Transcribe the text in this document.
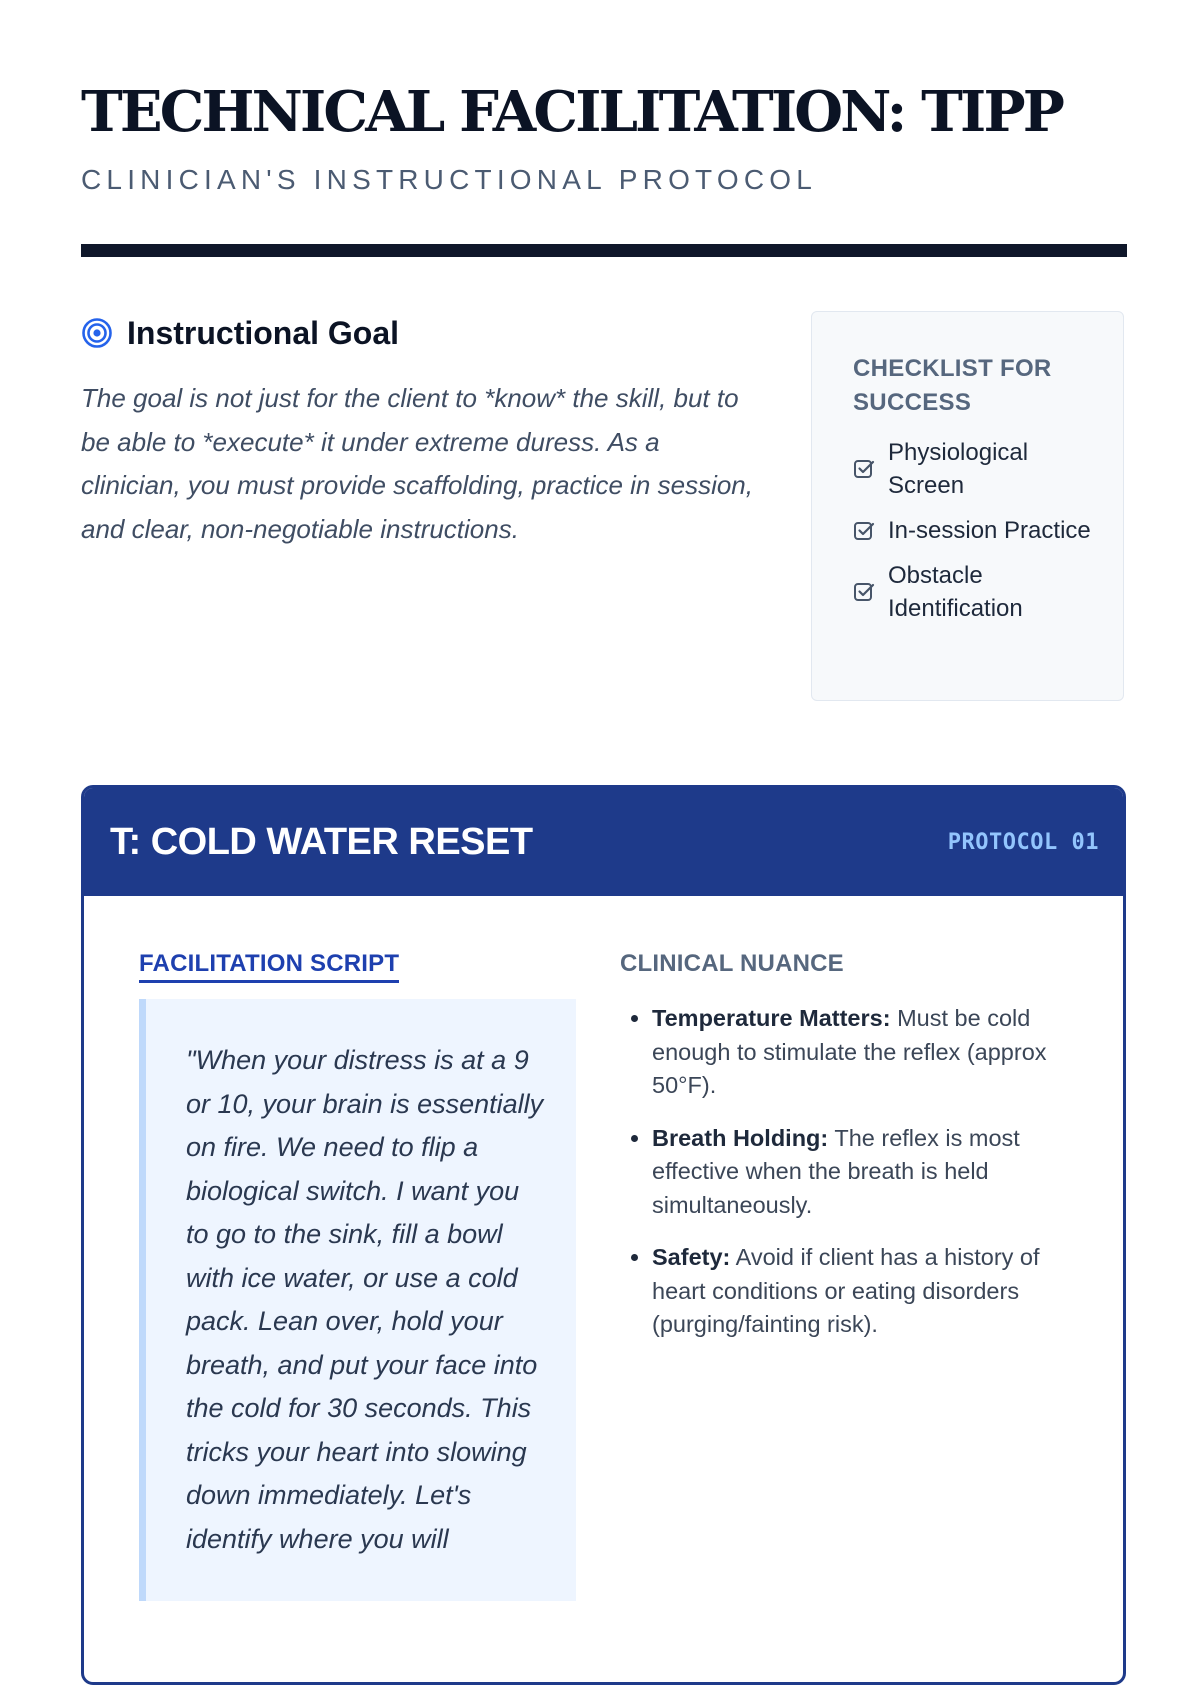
TECHNICAL FACILITATION: TIPP
CLINICIAN'S INSTRUCTIONAL PROTOCOL
Instructional Goal

The goal is not just for the client to *know* the skill, but to be able to *execute* it under extreme duress. As a clinician, you must provide scaffolding, practice in session, and clear, non-negotiable instructions.

CHECKLIST FOR SUCCESS
Physiological Screen
In-session Practice
Obstacle Identification
T: COLD WATER RESET	PROTOCOL 01
FACILITATION SCRIPT
"When your distress is at a 9 or 10, your brain is essentially on fire. We need to flip a biological switch. I want you to go to the sink, fill a bowl with ice water, or use a cold pack. Lean over, hold your breath, and put your face into the cold for 30 seconds. This tricks your heart into slowing down immediately. Let's identify where you will
CLINICAL NUANCE
• Temperature Matters: Must be cold enough to stimulate the reflex (approx 50°F).
• Breath Holding: The reflex is most effective when the breath is held simultaneously.
• Safety: Avoid if client has a history of heart conditions or eating disorders (purging/fainting risk).
